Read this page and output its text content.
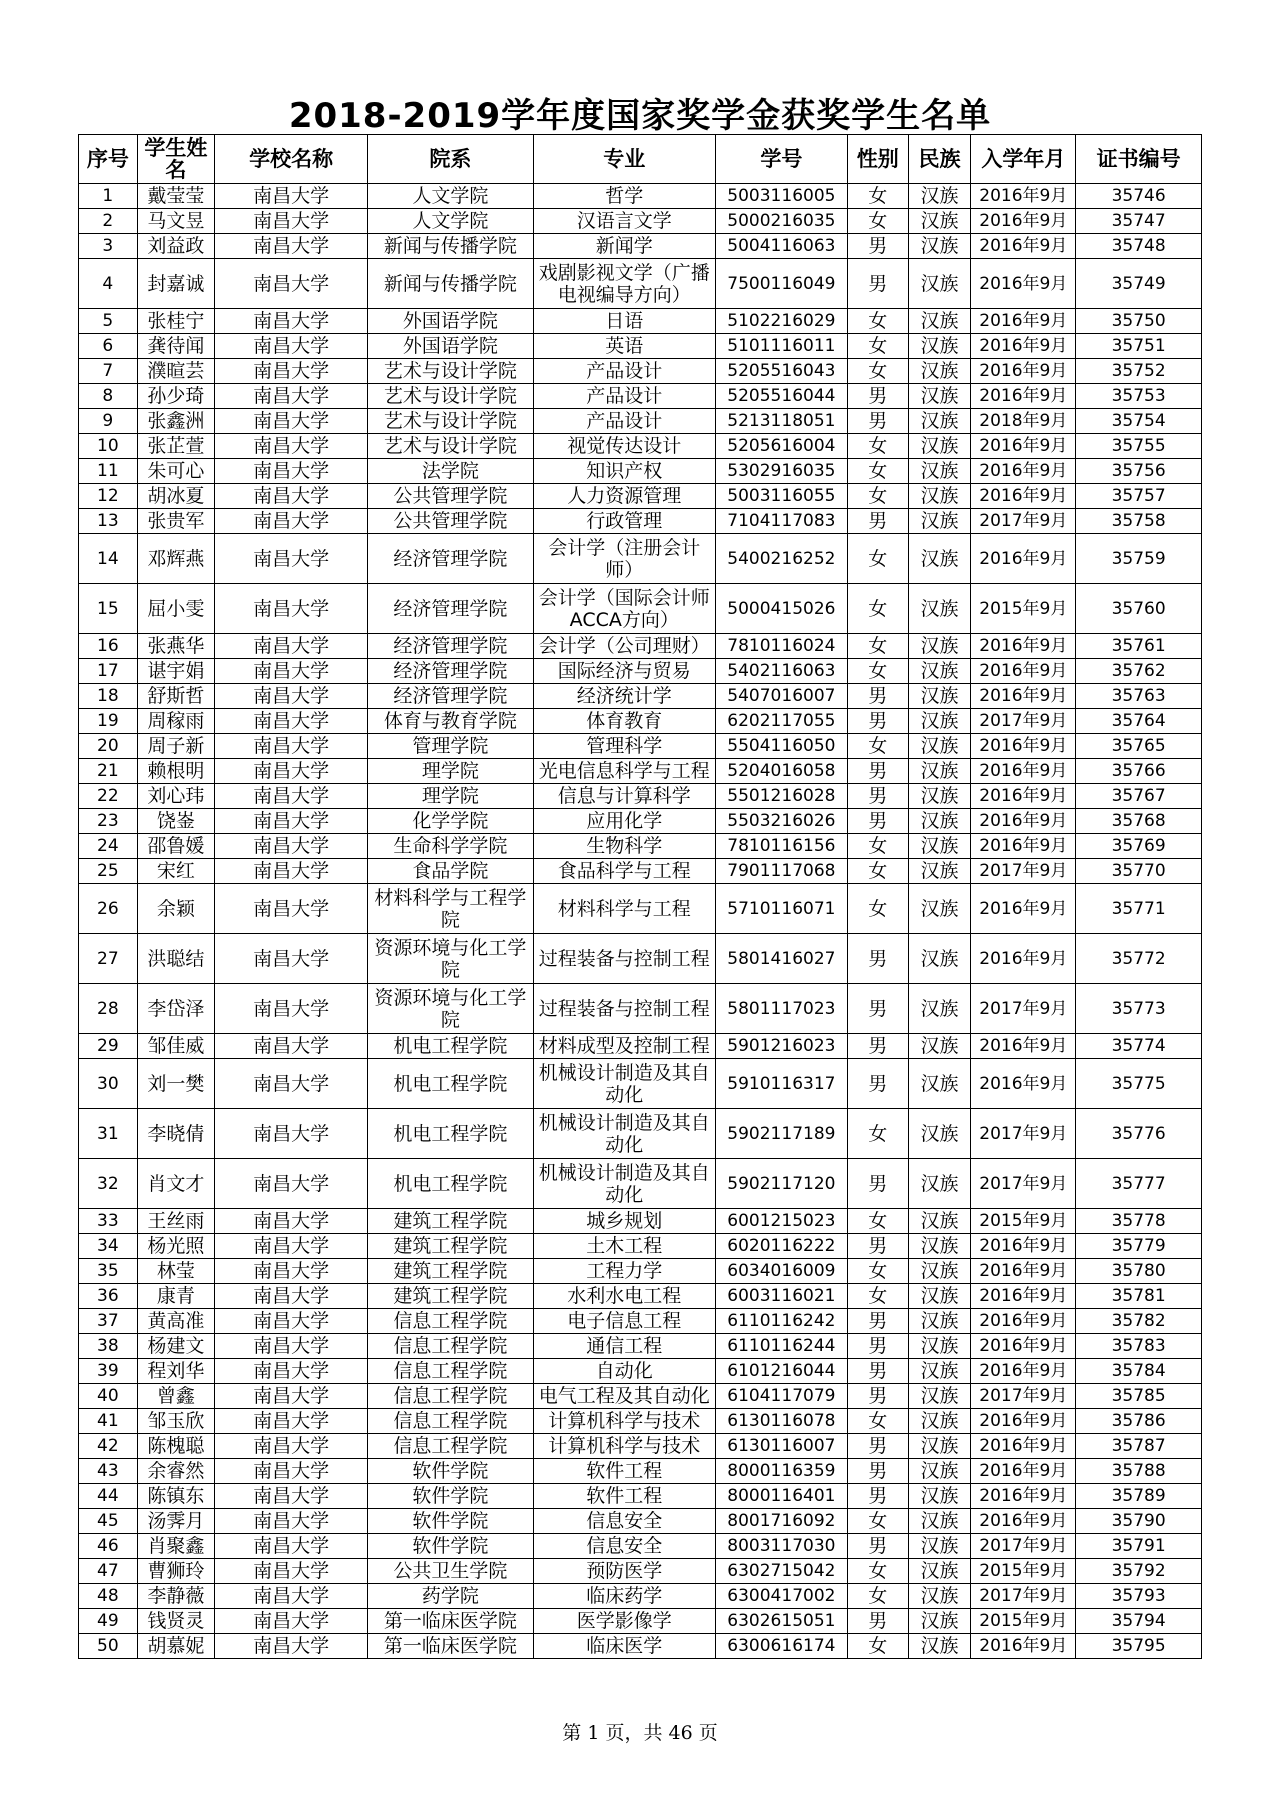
2018-2019学年度国家奖学金获奖学生名单
序号	学生姓名	学校名称	院系	专业	学号	性别	民族	入学年月	证书编号
1	戴莹莹	南昌大学	人文学院	哲学	5003116005	女	汉族	2016年9月	35746
2	马文昱	南昌大学	人文学院	汉语言文学	5000216035	女	汉族	2016年9月	35747
3	刘益政	南昌大学	新闻与传播学院	新闻学	5004116063	男	汉族	2016年9月	35748
4	封嘉诚	南昌大学	新闻与传播学院	戏剧影视文学（广播电视编导方向）	7500116049	男	汉族	2016年9月	35749
5	张桂宁	南昌大学	外国语学院	日语	5102216029	女	汉族	2016年9月	35750
6	龚待闻	南昌大学	外国语学院	英语	5101116011	女	汉族	2016年9月	35751
7	濮暄芸	南昌大学	艺术与设计学院	产品设计	5205516043	女	汉族	2016年9月	35752
8	孙少琦	南昌大学	艺术与设计学院	产品设计	5205516044	男	汉族	2016年9月	35753
9	张鑫洲	南昌大学	艺术与设计学院	产品设计	5213118051	男	汉族	2018年9月	35754
10	张芷萱	南昌大学	艺术与设计学院	视觉传达设计	5205616004	女	汉族	2016年9月	35755
11	朱可心	南昌大学	法学院	知识产权	5302916035	女	汉族	2016年9月	35756
12	胡冰夏	南昌大学	公共管理学院	人力资源管理	5003116055	女	汉族	2016年9月	35757
13	张贵军	南昌大学	公共管理学院	行政管理	7104117083	男	汉族	2017年9月	35758
14	邓辉燕	南昌大学	经济管理学院	会计学（注册会计师）	5400216252	女	汉族	2016年9月	35759
15	屈小雯	南昌大学	经济管理学院	会计学（国际会计师ACCA方向）	5000415026	女	汉族	2015年9月	35760
16	张燕华	南昌大学	经济管理学院	会计学（公司理财）	7810116024	女	汉族	2016年9月	35761
17	谌宇娟	南昌大学	经济管理学院	国际经济与贸易	5402116063	女	汉族	2016年9月	35762
18	舒斯哲	南昌大学	经济管理学院	经济统计学	5407016007	男	汉族	2016年9月	35763
19	周稼雨	南昌大学	体育与教育学院	体育教育	6202117055	男	汉族	2017年9月	35764
20	周子新	南昌大学	管理学院	管理科学	5504116050	女	汉族	2016年9月	35765
21	赖根明	南昌大学	理学院	光电信息科学与工程	5204016058	男	汉族	2016年9月	35766
22	刘心玮	南昌大学	理学院	信息与计算科学	5501216028	男	汉族	2016年9月	35767
23	饶崟	南昌大学	化学学院	应用化学	5503216026	男	汉族	2016年9月	35768
24	邵鲁媛	南昌大学	生命科学学院	生物科学	7810116156	女	汉族	2016年9月	35769
25	宋红	南昌大学	食品学院	食品科学与工程	7901117068	女	汉族	2017年9月	35770
26	余颖	南昌大学	材料科学与工程学院	材料科学与工程	5710116071	女	汉族	2016年9月	35771
27	洪聪结	南昌大学	资源环境与化工学院	过程装备与控制工程	5801416027	男	汉族	2016年9月	35772
28	李岱泽	南昌大学	资源环境与化工学院	过程装备与控制工程	5801117023	男	汉族	2017年9月	35773
29	邹佳威	南昌大学	机电工程学院	材料成型及控制工程	5901216023	男	汉族	2016年9月	35774
30	刘一樊	南昌大学	机电工程学院	机械设计制造及其自动化	5910116317	男	汉族	2016年9月	35775
31	李晓倩	南昌大学	机电工程学院	机械设计制造及其自动化	5902117189	女	汉族	2017年9月	35776
32	肖文才	南昌大学	机电工程学院	机械设计制造及其自动化	5902117120	男	汉族	2017年9月	35777
33	王丝雨	南昌大学	建筑工程学院	城乡规划	6001215023	女	汉族	2015年9月	35778
34	杨光照	南昌大学	建筑工程学院	土木工程	6020116222	男	汉族	2016年9月	35779
35	林莹	南昌大学	建筑工程学院	工程力学	6034016009	女	汉族	2016年9月	35780
36	康青	南昌大学	建筑工程学院	水利水电工程	6003116021	女	汉族	2016年9月	35781
37	黄高准	南昌大学	信息工程学院	电子信息工程	6110116242	男	汉族	2016年9月	35782
38	杨建文	南昌大学	信息工程学院	通信工程	6110116244	男	汉族	2016年9月	35783
39	程刘华	南昌大学	信息工程学院	自动化	6101216044	男	汉族	2016年9月	35784
40	曾鑫	南昌大学	信息工程学院	电气工程及其自动化	6104117079	男	汉族	2017年9月	35785
41	邹玉欣	南昌大学	信息工程学院	计算机科学与技术	6130116078	女	汉族	2016年9月	35786
42	陈槐聪	南昌大学	信息工程学院	计算机科学与技术	6130116007	男	汉族	2016年9月	35787
43	余睿然	南昌大学	软件学院	软件工程	8000116359	男	汉族	2016年9月	35788
44	陈镇东	南昌大学	软件学院	软件工程	8000116401	男	汉族	2016年9月	35789
45	汤霁月	南昌大学	软件学院	信息安全	8001716092	女	汉族	2016年9月	35790
46	肖聚鑫	南昌大学	软件学院	信息安全	8003117030	男	汉族	2017年9月	35791
47	曹狮玲	南昌大学	公共卫生学院	预防医学	6302715042	女	汉族	2015年9月	35792
48	李静薇	南昌大学	药学院	临床药学	6300417002	女	汉族	2017年9月	35793
49	钱贤灵	南昌大学	第一临床医学院	医学影像学	6302615051	男	汉族	2015年9月	35794
50	胡慕妮	南昌大学	第一临床医学院	临床医学	6300616174	女	汉族	2016年9月	35795
第 1 页，共 46 页
